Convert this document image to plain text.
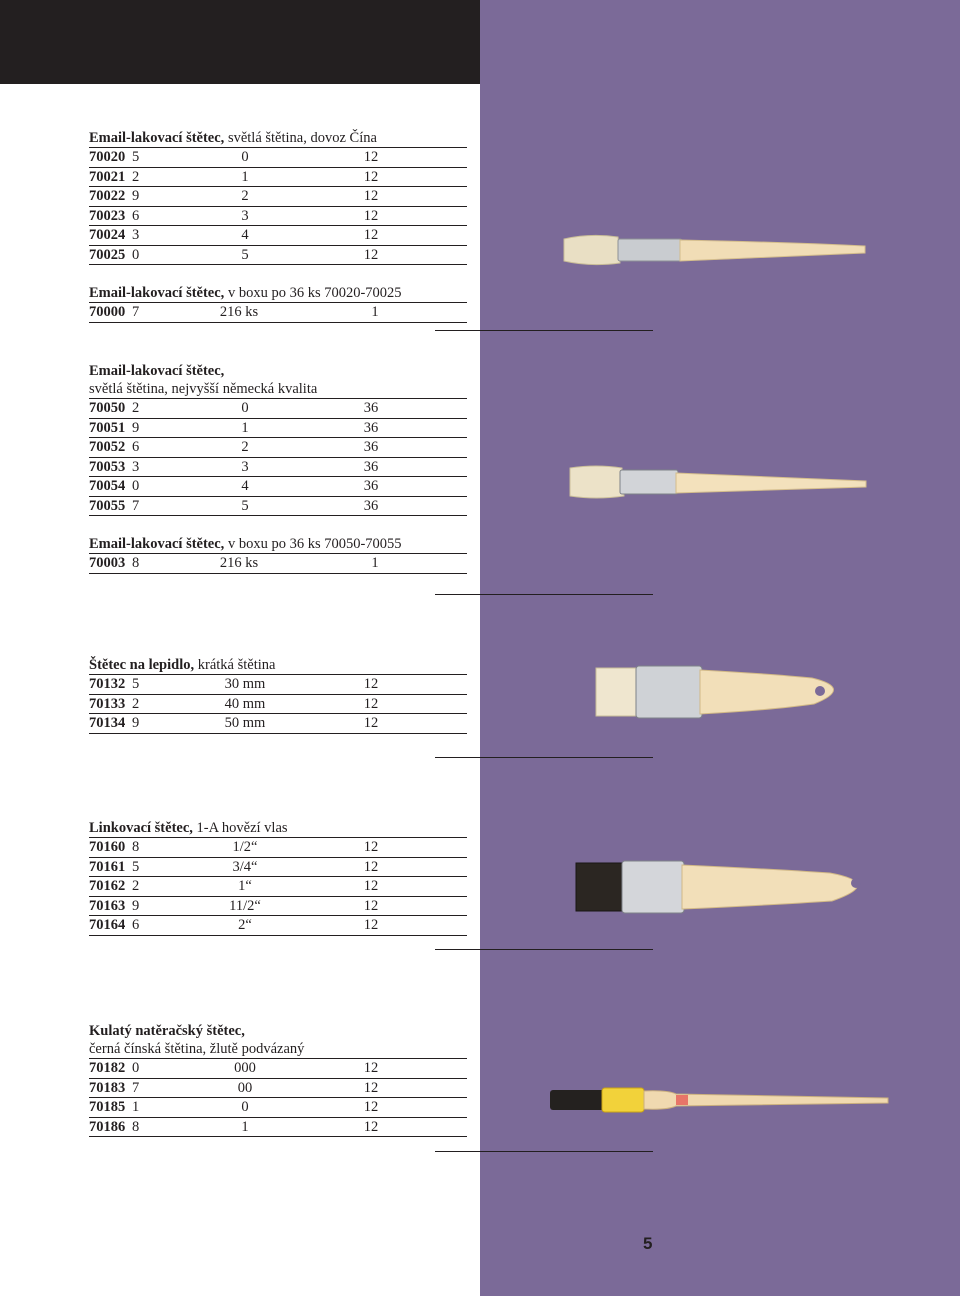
Email-lakovací štětec, světlá štětina, dovoz Čína
70020 5	0	12
70021 2	1	12
70022 9	2	12
70023 6	3	12
70024 3	4	12
70025 0	5	12
Email-lakovací štětec, v boxu po 36 ks 70020-70025
70000 7	216 ks	1
Email-lakovací štětec,
světlá štětina, nejvyšší německá kvalita
70050 2	0	36
70051 9	1	36
70052 6	2	36
70053 3	3	36
70054 0	4	36
70055 7	5	36
Email-lakovací štětec, v boxu po 36 ks 70050-70055
70003 8	216 ks	1
Štětec na lepidlo, krátká štětina
70132 5	30 mm	12
70133 2	40 mm	12
70134 9	50 mm	12
Linkovací štětec, 1-A hovězí vlas
70160 8	1/2“	12
70161 5	3/4“	12
70162 2	1“	12
70163 9	11/2“	12
70164 6	2“	12
Kulatý natěračský štětec,
černá čínská štětina, žlutě podvázaný
70182 0	000	12
70183 7	00	12
70185 1	0	12
70186 8	1	12
5
